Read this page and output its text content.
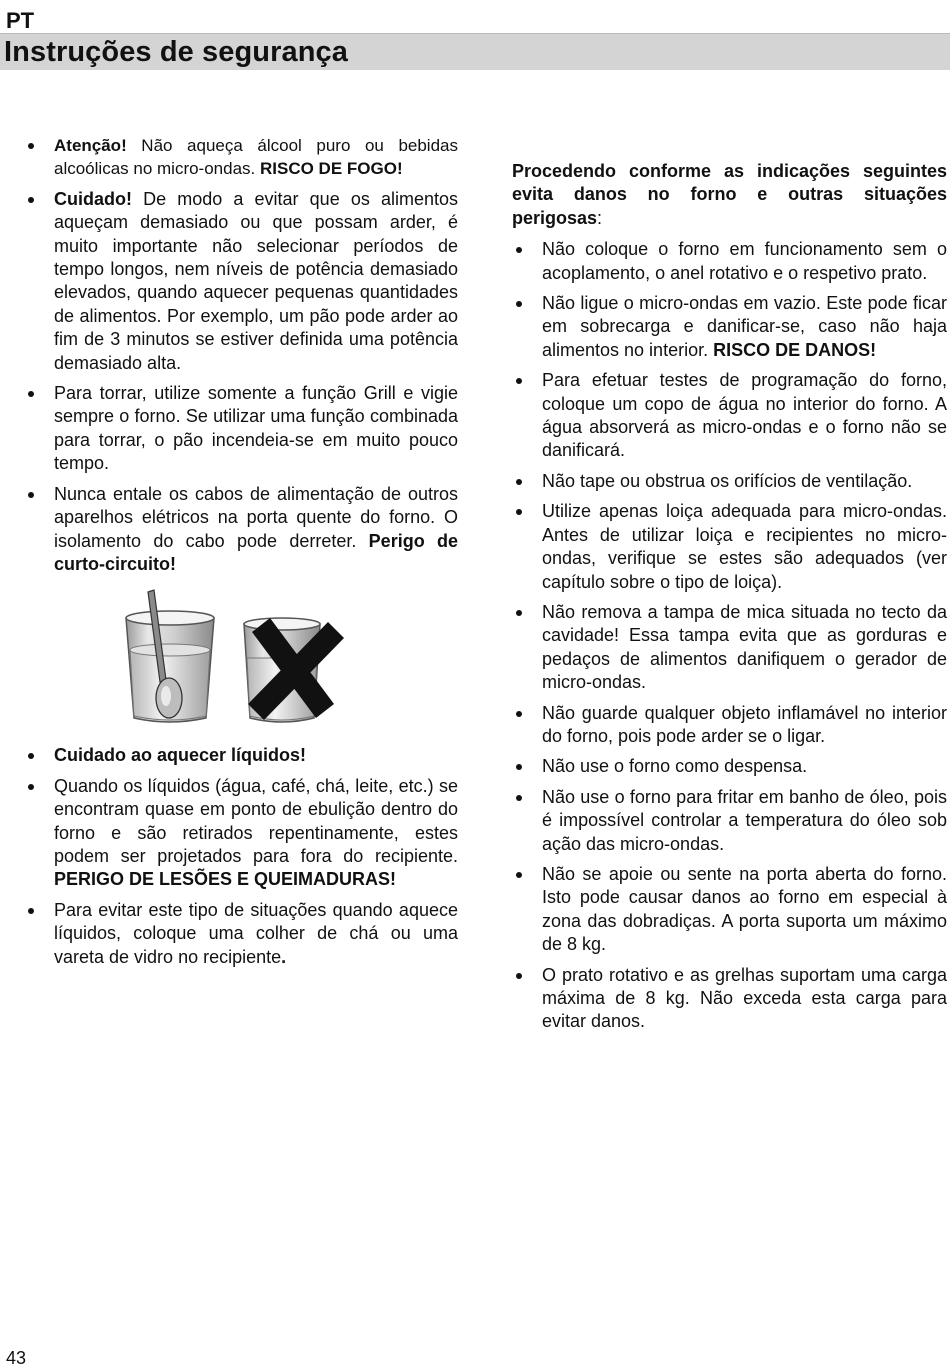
PT
Instruções de segurança
Atenção! Não aqueça álcool puro ou bebidas alcoólicas no micro-ondas. RISCO DE FOGO!
Cuidado! De modo a evitar que os alimentos aqueçam demasiado ou que possam arder, é muito importante não selecionar períodos de tempo longos, nem níveis de potência demasiado elevados, quando aquecer pequenas quantidades de alimentos. Por exemplo, um pão pode arder ao fim de 3 minutos se estiver definida uma potência demasiado alta.
Para torrar, utilize somente a função Grill e vigie sempre o forno. Se utilizar uma função combinada para torrar, o pão incendeia-se em muito pouco tempo.
Nunca entale os cabos de alimentação de outros aparelhos elétricos na porta quente do forno. O isolamento do cabo pode derreter. Perigo de curto-circuito!
Cuidado ao aquecer líquidos!
Quando os líquidos (água, café, chá, leite, etc.) se encontram quase em ponto de ebulição dentro do forno e são retirados repentinamente, estes podem ser projetados para fora do recipiente. PERIGO DE LESÕES E QUEIMADURAS!
Para evitar este tipo de situações quando aquece líquidos, coloque uma colher de chá ou uma vareta de vidro no recipiente.
Procedendo conforme as indicações seguintes evita danos no forno e outras situações perigosas:
Não coloque o forno em funcionamento sem o acoplamento, o anel rotativo e o respetivo prato.
Não ligue o micro-ondas em vazio. Este pode ficar em sobrecarga e danificar-se, caso não haja alimentos no interior. RISCO DE DANOS!
Para efetuar testes de programação do forno, coloque um copo de água no interior do forno. A água absorverá as micro-ondas e o forno não se danificará.
Não tape ou obstrua os orifícios de ventilação.
Utilize apenas loiça adequada para micro-ondas. Antes de utilizar loiça e recipientes no micro-ondas, verifique se estes são adequados (ver capítulo sobre o tipo de loiça).
Não remova a tampa de mica situada no tecto da cavidade! Essa tampa evita que as gorduras e pedaços de alimentos danifiquem o gerador de micro-ondas.
Não guarde qualquer objeto inflamável no interior do forno, pois pode arder se o ligar.
Não use o forno como despensa.
Não use o forno para fritar em banho de óleo, pois é impossível controlar a temperatura do óleo sob ação das micro-ondas.
Não se apoie ou sente na porta aberta do forno. Isto pode causar danos ao forno em especial à zona das dobradiças. A porta suporta um máximo de 8 kg.
O prato rotativo e as grelhas suportam uma carga máxima de 8 kg. Não exceda esta carga para evitar danos.
43
